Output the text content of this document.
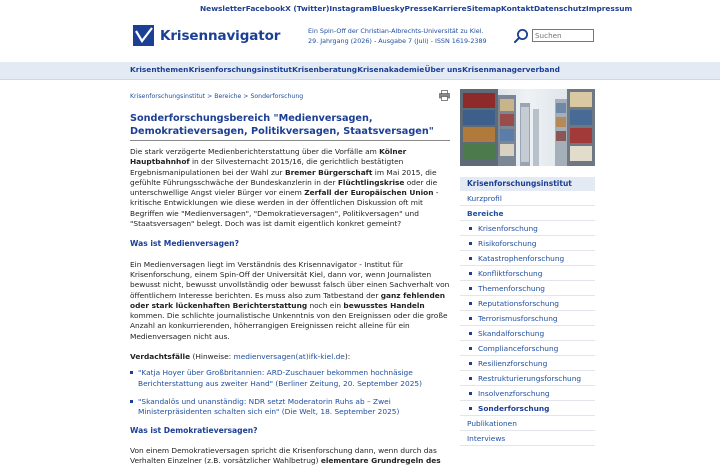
Newsletter Facebook X (Twitter) Instagram Bluesky Presse Karriere Sitemap Kontakt Datenschutz Impressum
Krisennavigator	Ein Spin-Off der Christian-Albrechts-Universität zu Kiel.
29. Jahrgang (2026) - Ausgabe 7 (Juli) - ISSN 1619-2389
Suchen
Krisenthemen Krisenforschungsinstitut Krisenberatung Krisenakademie Über uns Krisenmanagerverband
Krisenforschungsinstitut > Bereiche > Sonderforschung
Sonderforschungsbereich "Medienversagen, Demokratieversagen, Politikversagen, Staatsversagen"

Die stark verzögerte Medienberichterstattung über die Vorfälle am Kölner Hauptbahnhof in der Silvesternacht 2015/16, die gerichtlich bestätigten Ergebnismanipulationen bei der Wahl zur Bremer Bürgerschaft im Mai 2015, die gefühlte Führungsschwäche der Bundeskanzlerin in der Flüchtlingskrise oder die unterschwellige Angst vieler Bürger vor einem Zerfall der Europäischen Union - kritische Entwicklungen wie diese werden in der öffentlichen Diskussion oft mit Begriffen wie "Medienversagen", "Demokratieversagen", Politikversagen" und "Staatsversagen" belegt. Doch was ist damit eigentlich konkret gemeint?

Was ist Medienversagen?

Ein Medienversagen liegt im Verständnis des Krisennavigator - Institut für Krisenforschung, einem Spin-Off der Universität Kiel, dann vor, wenn Journalisten bewusst nicht, bewusst unvollständig oder bewusst falsch über einen Sachverhalt von öffentlichem Interesse berichten. Es muss also zum Tatbestand der ganz fehlenden oder stark lückenhaften Berichterstattung noch ein bewusstes Handeln kommen. Die schlichte journalistische Unkenntnis von den Ereignissen oder die große Anzahl an konkurrierenden, höherrangigen Ereignissen reicht alleine für ein Medienversagen nicht aus.

Verdachtsfälle (Hinweise: medienversagen(at)ifk-kiel.de):

"Katja Hoyer über Großbritannien: ARD-Zuschauer bekommen hochnäsige Berichterstattung aus zweiter Hand" (Berliner Zeitung, 20. September 2025)
"Skandalös und unanständig: NDR setzt Moderatorin Ruhs ab – Zwei Ministerpräsidenten schalten sich ein" (Die Welt, 18. September 2025)
Was ist Demokratieversagen?

Von einem Demokratieversagen spricht die Krisenforschung dann, wenn durch das Verhalten Einzelner (z.B. vorsätzlicher Wahlbetrug) elementare Grundregeln des

Krisenforschungsinstitut
Kurzprofil
Bereiche
Krisenforschung
Risikoforschung
Katastrophenforschung
Konfliktforschung
Themenforschung
Reputationsforschung
Terrorismusforschung
Skandalforschung
Complianceforschung
Resilienzforschung
Restrukturierungsforschung
Insolvenzforschung
Sonderforschung
Publikationen
Interviews
